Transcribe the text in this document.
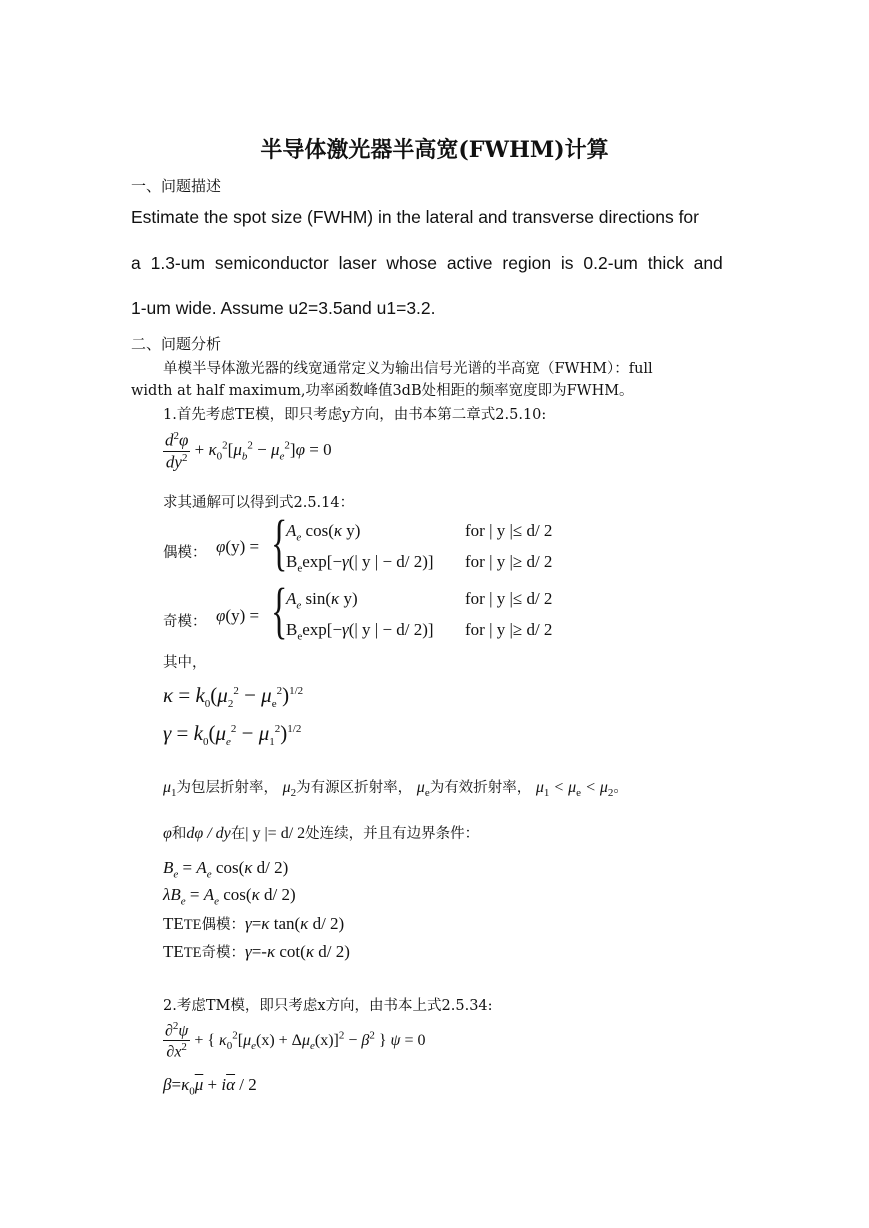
半导体激光器半高宽(FWHM)计算
一、问题描述
Estimate the spot size (FWHM) in the lateral and transverse directions for
a 1.3-um semiconductor laser whose active region is 0.2-um thick and
1-um wide. Assume u2=3.5and u1=3.2.
二、问题分析
单模半导体激光器的线宽通常定义为输出信号光谱的半高宽（FWHM）：full
width at half maximum,功率函数峰值3dB处相距的频率宽度即为FWHM。
1.首先考虑TE模，即只考虑y方向，由书本第二章式2.5.10:
$\frac{d^2\varphi}{dy^2} + \kappa_0^2[\mu_b^2 - \mu_e^2]\varphi = 0$
求其通解可以得到式2.5.14：
偶模： φ(y) = {
$A_e$ cos(κ y)	for | y |≤ d/ 2
$B_e\exp[-\gamma(|$ y | − d/ 2)] for | y |≥ d/ 2
奇模： φ(y) = {
$A_e$ sin(κ y)	for | y |≤ d/ 2
$B_e\exp[-\gamma(|$ y | − d/ 2)] for | y |≥ d/ 2
其中，
$\kappa = k_0(\mu_2^2 - \mu_e^2)^{1/2}$
$\gamma = k_0(\mu_e^2 - \mu_1^2)^{1/2}$
$\mu_1$为包层折射率， $\mu_2$为有源区折射率， $\mu_e$为有效折射率， $\mu_1 < \mu_e < \mu_2$。
φ和dφ / dy在| y |= d/ 2处连续，并且有边界条件：
$B_e = A_e$ cos(κ d/ 2)
$\lambda B_e = A_e$ cos(κ d/ 2)
TETE偶模：γ=κ tan(κ d/ 2)
TETE奇模：γ=-κ cot(κ d/ 2)
2.考虑TM模，即只考虑x方向，由书本上式2.5.34:
$\frac{\partial^2\psi}{\partial x^2}$ + { $\kappa_0^2[\mu_e(x) + \Delta\mu_e(x)]^2 - \beta^2$ } ψ = 0
$\beta=\kappa_0\overline{\mu} + i\overline{\alpha} / 2$
